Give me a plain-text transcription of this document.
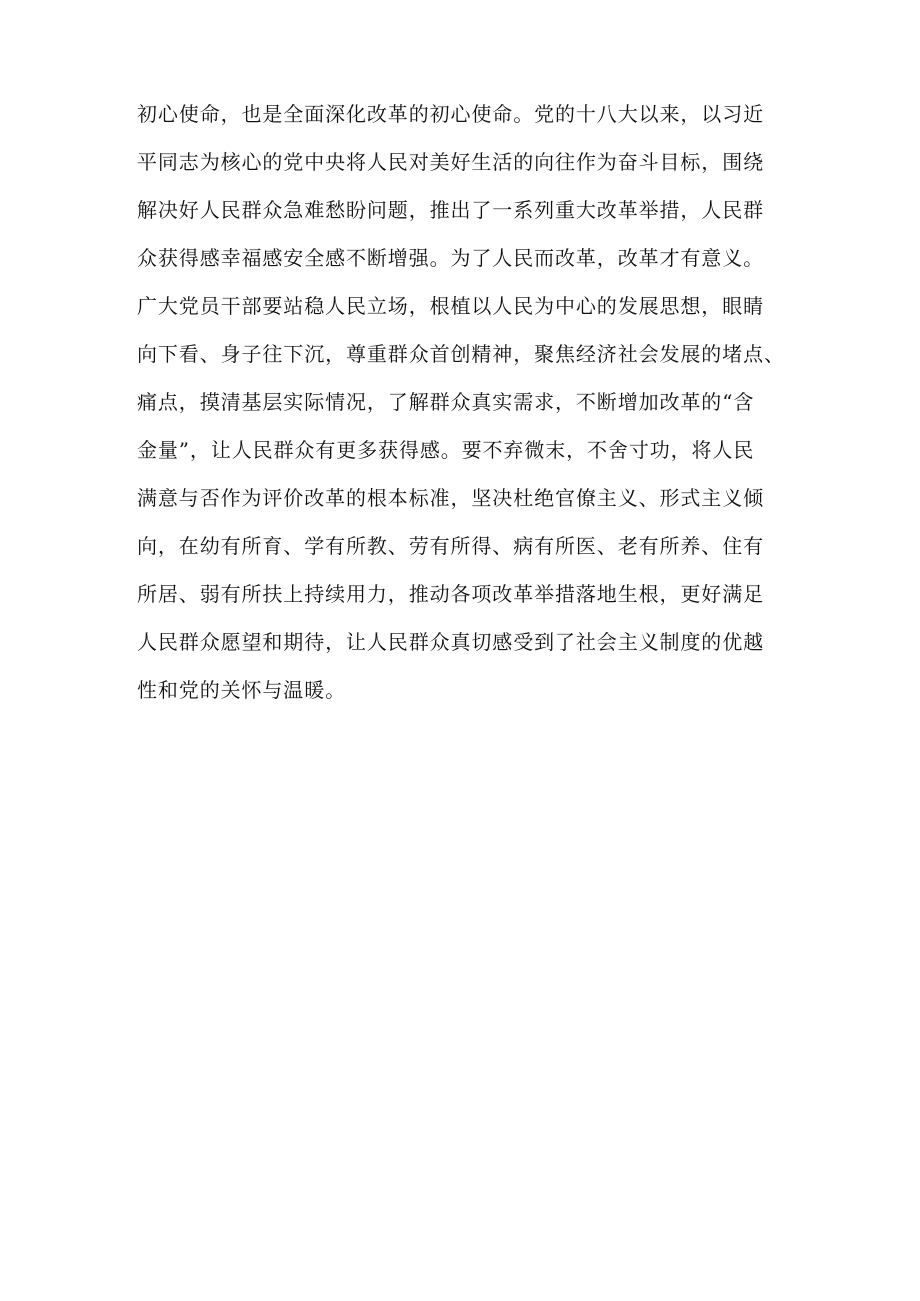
初心使命，也是全面深化改革的初心使命。党的十八大以来，以习近
平同志为核心的党中央将人民对美好生活的向往作为奋斗目标，围绕
解决好人民群众急难愁盼问题，推出了一系列重大改革举措，人民群
众获得感幸福感安全感不断增强。为了人民而改革，改革才有意义。
广大党员干部要站稳人民立场，根植以人民为中心的发展思想，眼睛
向下看、身子往下沉，尊重群众首创精神，聚焦经济社会发展的堵点、
痛点，摸清基层实际情况，了解群众真实需求，不断增加改革的“含
金量”，让人民群众有更多获得感。要不弃微末，不舍寸功，将人民
满意与否作为评价改革的根本标准，坚决杜绝官僚主义、形式主义倾
向，在幼有所育、学有所教、劳有所得、病有所医、老有所养、住有
所居、弱有所扶上持续用力，推动各项改革举措落地生根，更好满足
人民群众愿望和期待，让人民群众真切感受到了社会主义制度的优越
性和党的关怀与温暖。
